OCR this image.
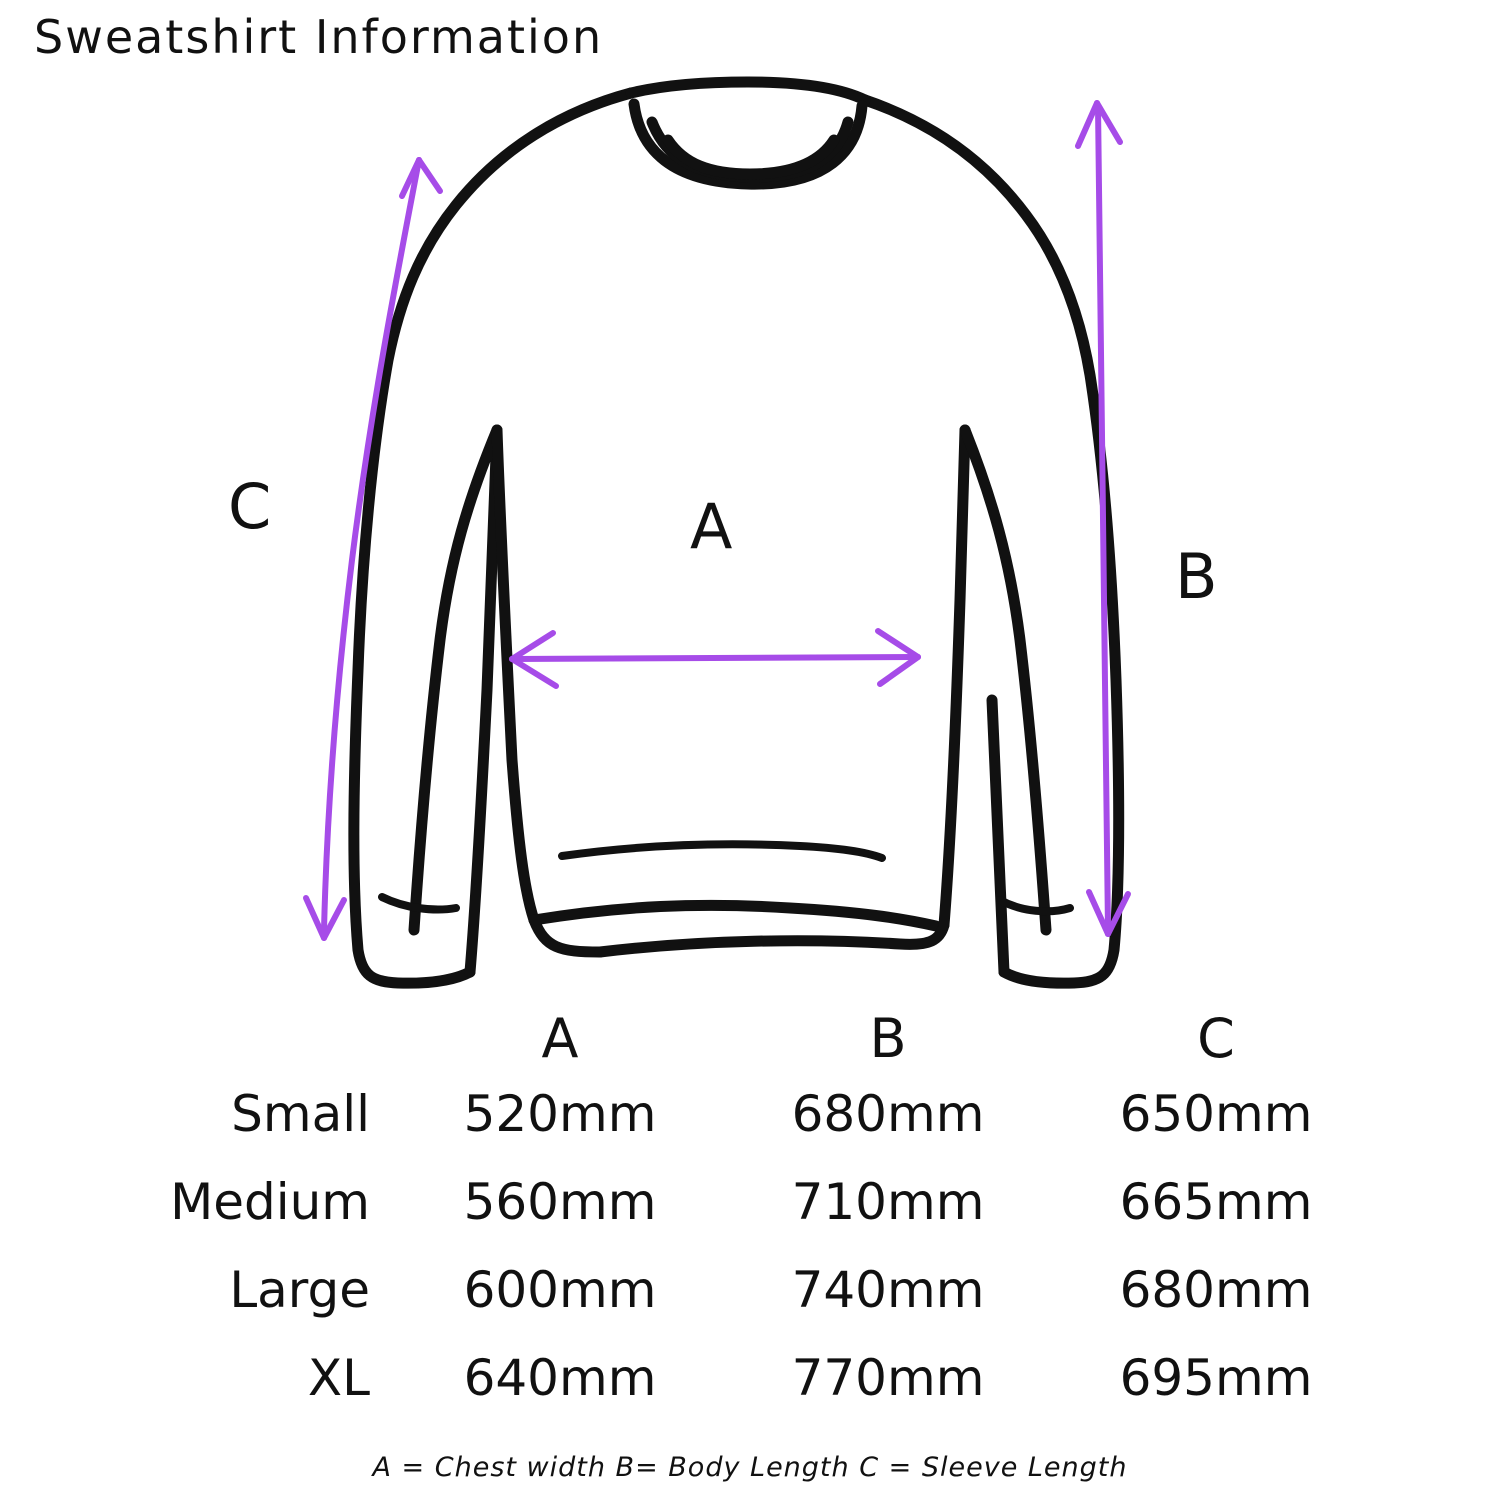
Sweatshirt Information
A
B
C
	A	B	C
Small	520mm	680mm	650mm
Medium	560mm	710mm	665mm
Large	600mm	740mm	680mm
XL	640mm	770mm	695mm
A = Chest width B= Body Length C = Sleeve Length
